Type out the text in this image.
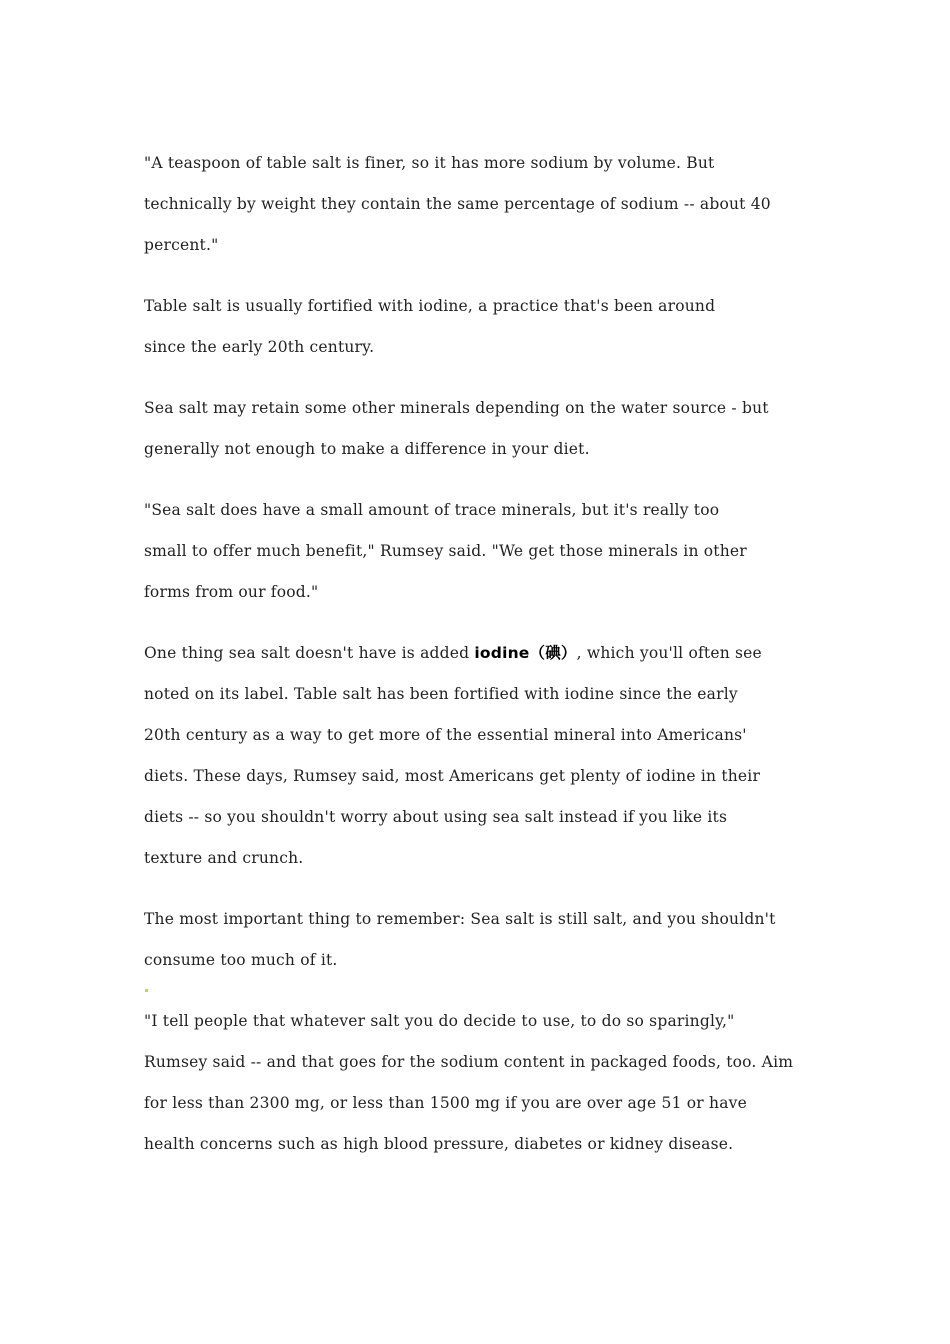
"A teaspoon of table salt is finer, so it has more sodium by volume. But
technically by weight they contain the same percentage of sodium -- about 40
percent."

Table salt is usually fortified with iodine, a practice that's been around
since the early 20th century.

Sea salt may retain some other minerals depending on the water source - but
generally not enough to make a difference in your diet.

"Sea salt does have a small amount of trace minerals, but it's really too
small to offer much benefit," Rumsey said. "We get those minerals in other
forms from our food."

One thing sea salt doesn't have is added iodine（碘）, which you'll often see
noted on its label. Table salt has been fortified with iodine since the early
20th century as a way to get more of the essential mineral into Americans'
diets. These days, Rumsey said, most Americans get plenty of iodine in their
diets -- so you shouldn't worry about using sea salt instead if you like its
texture and crunch.

The most important thing to remember: Sea salt is still salt, and you shouldn't
consume too much of it.

"I tell people that whatever salt you do decide to use, to do so sparingly,"
Rumsey said -- and that goes for the sodium content in packaged foods, too. Aim
for less than 2300 mg, or less than 1500 mg if you are over age 51 or have
health concerns such as high blood pressure, diabetes or kidney disease.
